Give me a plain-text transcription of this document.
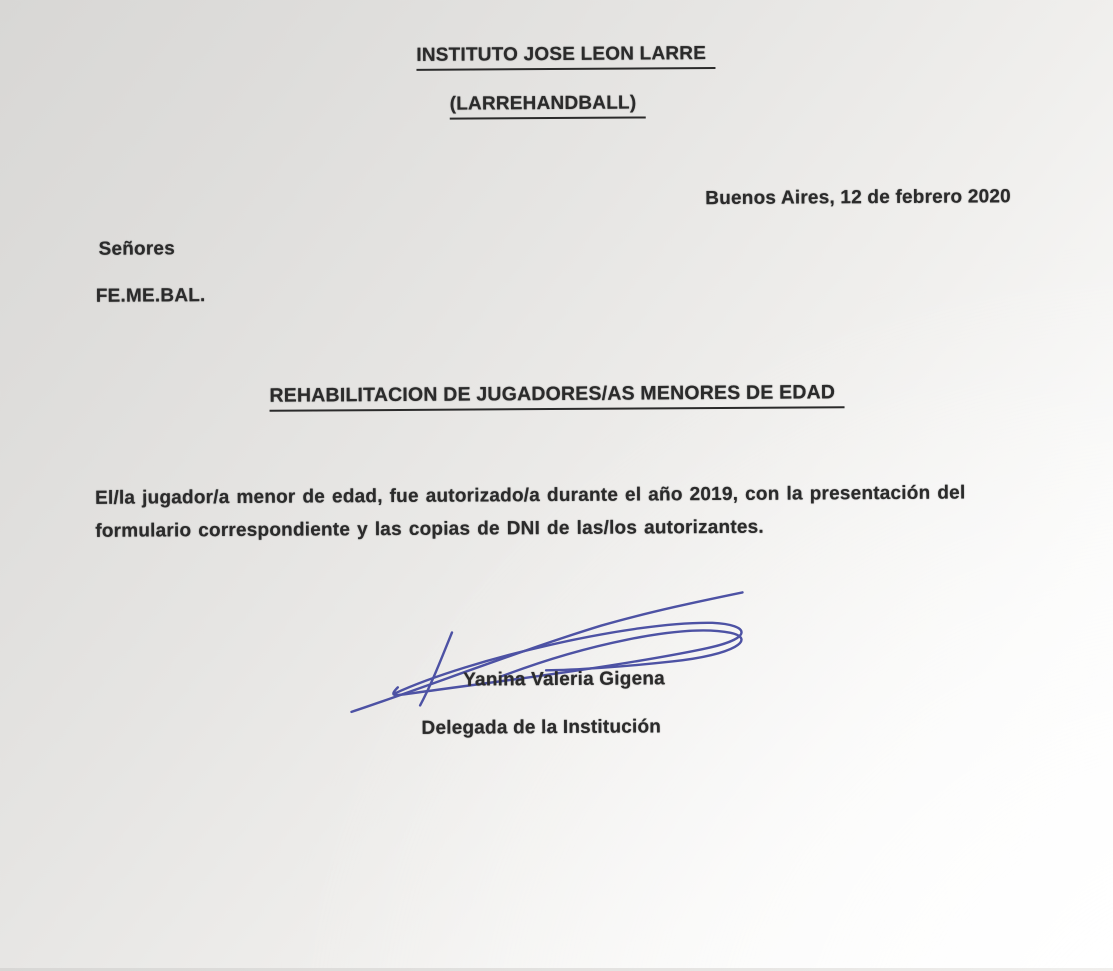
INSTITUTO JOSE LEON LARRE
(LARREHANDBALL)
Buenos Aires, 12 de febrero 2020
Señores
FE.ME.BAL.
REHABILITACION DE JUGADORES/AS MENORES DE EDAD
El/la jugador/a menor de edad, fue autorizado/a durante el año 2019, con la presentación del formulario correspondiente y las copias de DNI de las/los autorizantes.
Yanina Valeria Gigena
Delegada de la Institución
